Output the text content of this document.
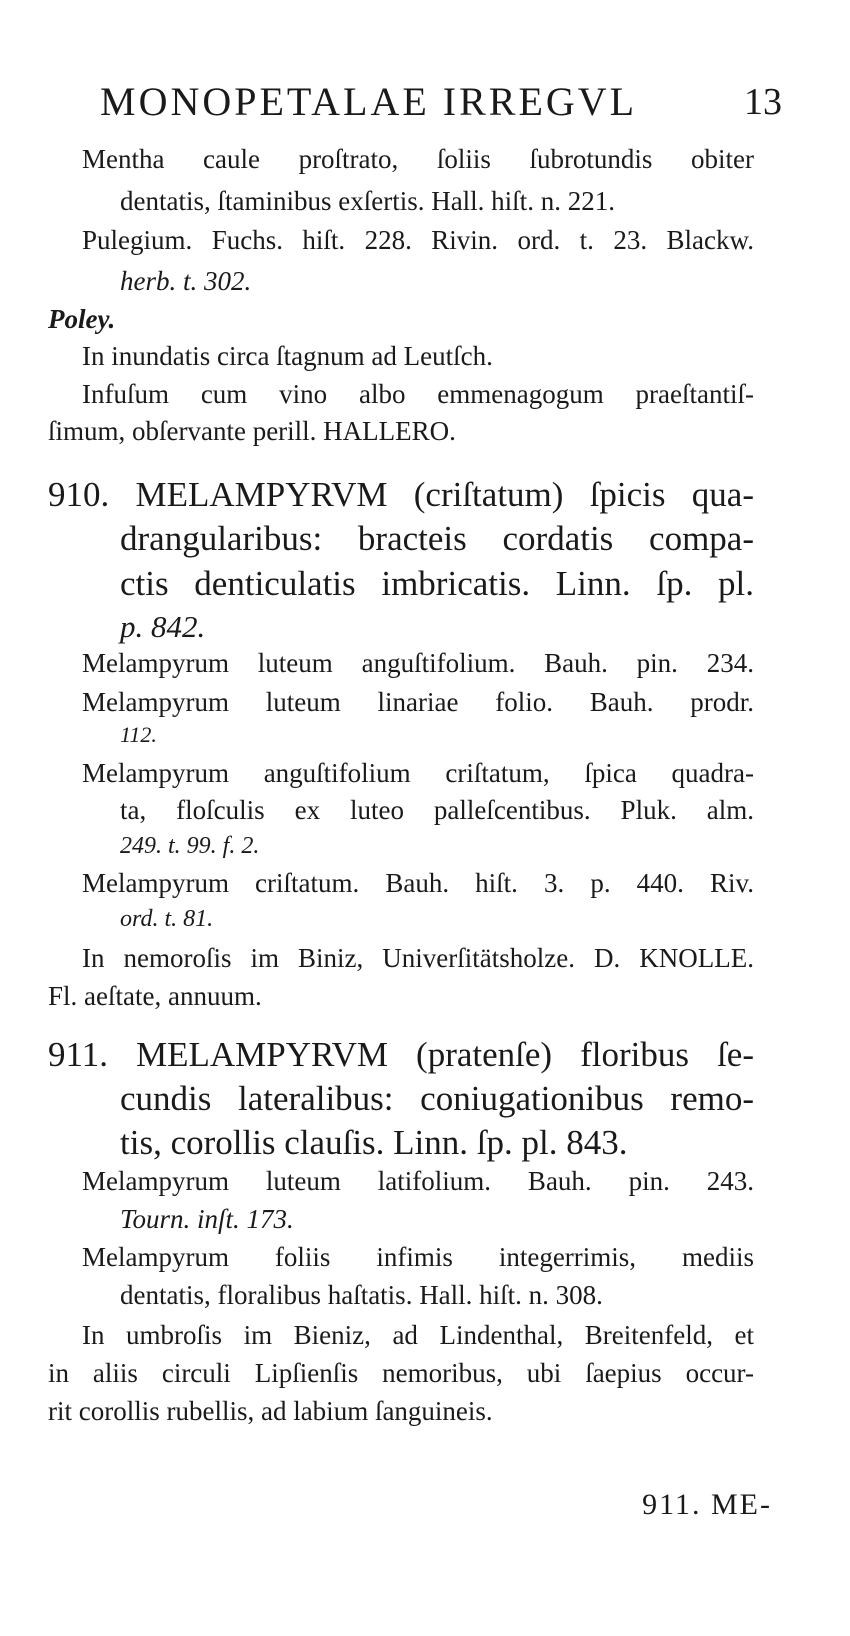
MONOPETALAE IRREGVL	13
Mentha caule proſtrato, ſoliis ſubrotundis obiter
dentatis, ſtaminibus exſertis. Hall. hiſt. n. 221.
Pulegium. Fuchs. hiſt. 228. Rivin. ord. t. 23. Blackw.
herb. t. 302.
Poley.
In inundatis circa ſtagnum ad Leutſch.
Infuſum cum vino albo emmenagogum praeſtantiſ-
ſimum, obſervante perill. HALLERO.
910. MELAMPYRVM (criſtatum) ſpicis qua-
drangularibus: bracteis cordatis compa-
ctis denticulatis imbricatis. Linn. ſp. pl.
p. 842.
Melampyrum luteum anguſtifolium. Bauh. pin. 234.
Melampyrum luteum linariae folio. Bauh. prodr.
112.
Melampyrum anguſtifolium criſtatum, ſpica quadra-
ta, floſculis ex luteo palleſcentibus. Pluk. alm.
249. t. 99. f. 2.
Melampyrum criſtatum. Bauh. hiſt. 3. p. 440. Riv.
ord. t. 81.
In nemoroſis im Biniz, Univerſitätsholze. D. KNOLLE.
Fl. aeſtate, annuum.
911. MELAMPYRVM (pratenſe) floribus ſe-
cundis lateralibus: coniugationibus remo-
tis, corollis clauſis. Linn. ſp. pl. 843.
Melampyrum luteum latifolium. Bauh. pin. 243.
Tourn. inſt. 173.
Melampyrum foliis infimis integerrimis, mediis
dentatis, floralibus haſtatis. Hall. hiſt. n. 308.
In umbroſis im Bieniz, ad Lindenthal, Breitenfeld, et
in aliis circuli Lipſienſis nemoribus, ubi ſaepius occur-
rit corollis rubellis, ad labium ſanguineis.
911. ME-
